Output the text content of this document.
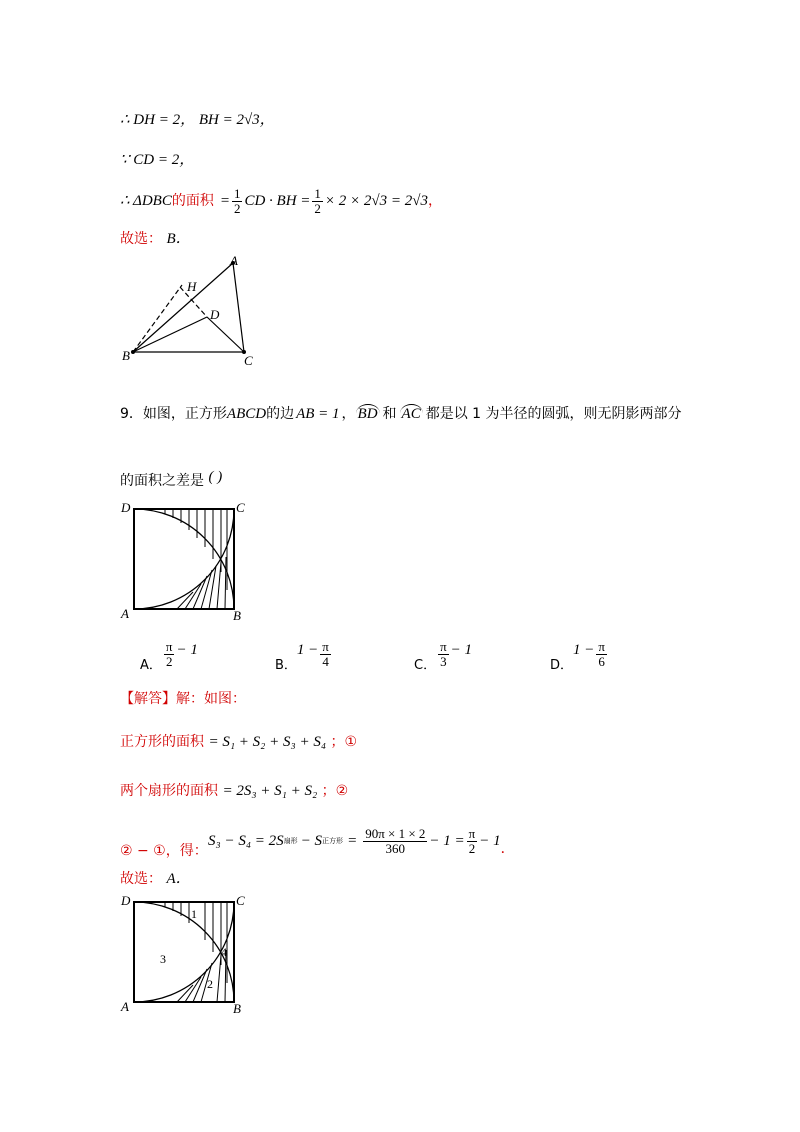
∴ DH = 2， BH = 2√3，
∵ CD = 2，
∴ ΔDBC 的面积 = $\frac{1}{2}$ CD · BH = $\frac{1}{2} \times 2 \times 2√3 = 2√3$ ，
故选： B．
A
B	C
D
H
9．如图，正方形 ABCD 的边 AB = 1 ， BD 和 AC 都是以 1 为半径的圆弧，则无阴影两部分
的面积之差是 ( )
D	C
A	B
A． $\frac{\pi}{2} - 1$
B．
$1 - \frac{\pi}{4}$	C． $\frac{\pi}{3} - 1$
D．
$1 - \frac{\pi}{6}$
【解答】解：如图：
正方形的面积 = S₁ + S₂ + S₃ + S₄ ；①
两个扇形的面积 = 2S₃ + S₁ + S₂ ；②
② − ①，得：
S₃ − S₄ = 2S 扇形 − S 正方形 = $\frac{90\pi \times 1 \times 2}{360} - 1 = \frac{\pi}{2} - 1$ ．
故选： A．
1
2
3	4
D	C
A	B
